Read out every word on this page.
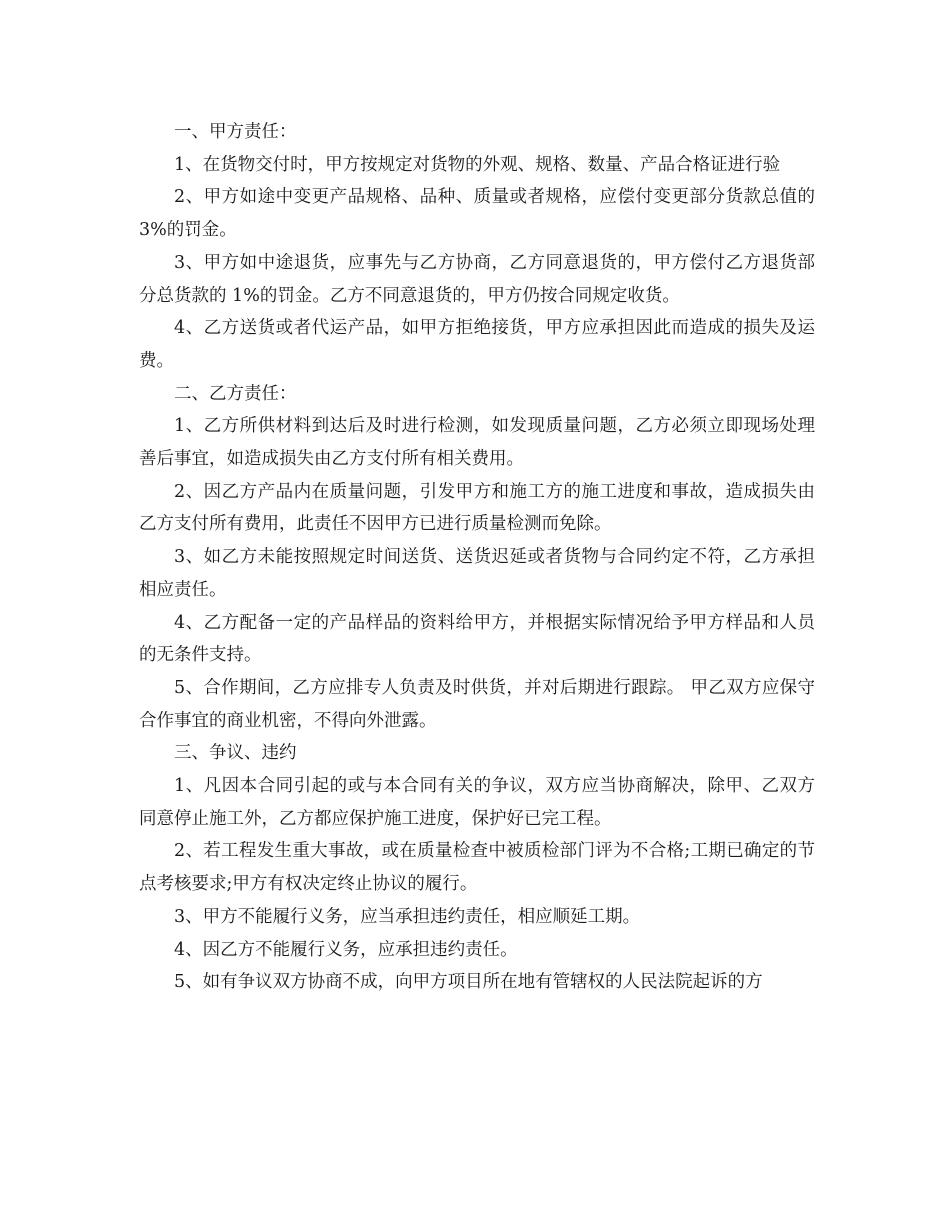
一、甲方责任：

1、在货物交付时，甲方按规定对货物的外观、规格、数量、产品合格证进行验

2、甲方如途中变更产品规格、品种、质量或者规格，应偿付变更部分货款总值的 3%的罚金。

3、甲方如中途退货，应事先与乙方协商，乙方同意退货的，甲方偿付乙方退货部分总货款的 1%的罚金。乙方不同意退货的，甲方仍按合同规定收货。

4、乙方送货或者代运产品，如甲方拒绝接货，甲方应承担因此而造成的损失及运费。

二、乙方责任：

1、乙方所供材料到达后及时进行检测，如发现质量问题，乙方必须立即现场处理善后事宜，如造成损失由乙方支付所有相关费用。

2、因乙方产品内在质量问题，引发甲方和施工方的施工进度和事故，造成损失由乙方支付所有费用，此责任不因甲方已进行质量检测而免除。

3、如乙方未能按照规定时间送货、送货迟延或者货物与合同约定不符，乙方承担相应责任。

4、乙方配备一定的产品样品的资料给甲方，并根据实际情况给予甲方样品和人员的无条件支持。

5、合作期间，乙方应排专人负责及时供货，并对后期进行跟踪。 甲乙双方应保守合作事宜的商业机密，不得向外泄露。

三、争议、违约

1、凡因本合同引起的或与本合同有关的争议，双方应当协商解决，除甲、乙双方同意停止施工外，乙方都应保护施工进度，保护好已完工程。

2、若工程发生重大事故，或在质量检查中被质检部门评为不合格;工期已确定的节点考核要求;甲方有权决定终止协议的履行。

3、甲方不能履行义务，应当承担违约责任，相应顺延工期。

4、因乙方不能履行义务，应承担违约责任。

5、如有争议双方协商不成，向甲方项目所在地有管辖权的人民法院起诉的方
